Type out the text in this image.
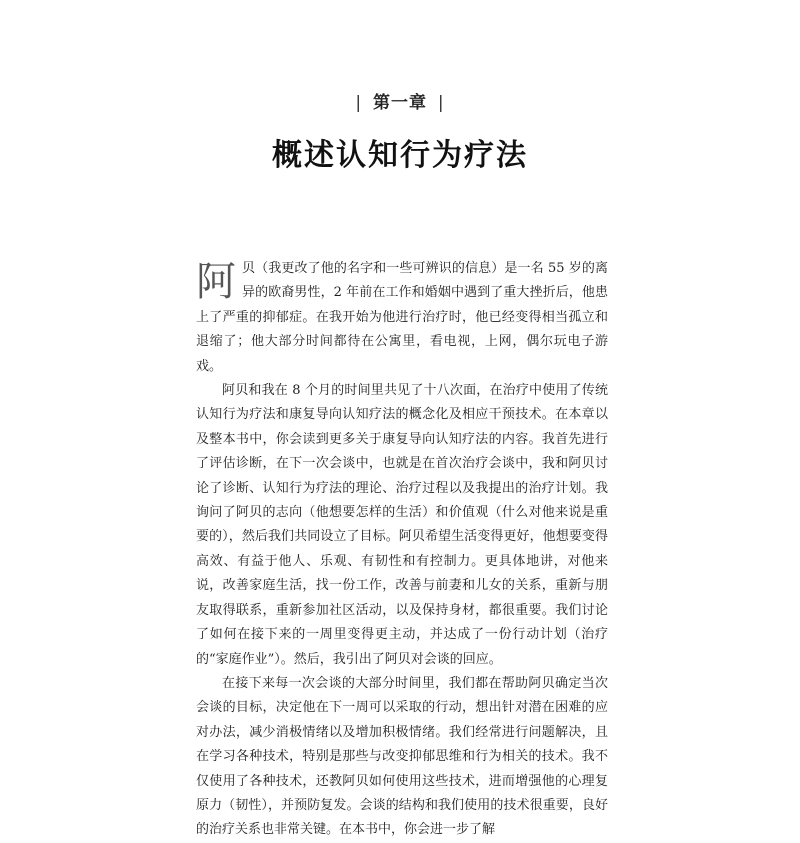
| 第一章 |
概述认知行为疗法

阿贝（我更改了他的名字和一些可辨识的信息）是一名 55 岁的离异的欧裔男性，2 年前在工作和婚姻中遇到了重大挫折后，他患上了严重的抑郁症。在我开始为他进行治疗时，他已经变得相当孤立和退缩了；他大部分时间都待在公寓里，看电视，上网，偶尔玩电子游戏。

阿贝和我在 8 个月的时间里共见了十八次面，在治疗中使用了传统认知行为疗法和康复导向认知疗法的概念化及相应干预技术。在本章以及整本书中，你会读到更多关于康复导向认知疗法的内容。我首先进行了评估诊断，在下一次会谈中，也就是在首次治疗会谈中，我和阿贝讨论了诊断、认知行为疗法的理论、治疗过程以及我提出的治疗计划。我询问了阿贝的志向（他想要怎样的生活）和价值观（什么对他来说是重要的），然后我们共同设立了目标。阿贝希望生活变得更好，他想要变得高效、有益于他人、乐观、有韧性和有控制力。更具体地讲，对他来说，改善家庭生活，找一份工作，改善与前妻和儿女的关系，重新与朋友取得联系，重新参加社区活动，以及保持身材，都很重要。我们讨论了如何在接下来的一周里变得更主动，并达成了一份行动计划（治疗的“家庭作业”）。然后，我引出了阿贝对会谈的回应。

在接下来每一次会谈的大部分时间里，我们都在帮助阿贝确定当次会谈的目标，决定他在下一周可以采取的行动，想出针对潜在困难的应对办法，减少消极情绪以及增加积极情绪。我们经常进行问题解决，且在学习各种技术，特别是那些与改变抑郁思维和行为相关的技术。我不仅使用了各种技术，还教阿贝如何使用这些技术，进而增强他的心理复原力（韧性），并预防复发。会谈的结构和我们使用的技术很重要，良好的治疗关系也非常关键。在本书中，你会进一步了解
